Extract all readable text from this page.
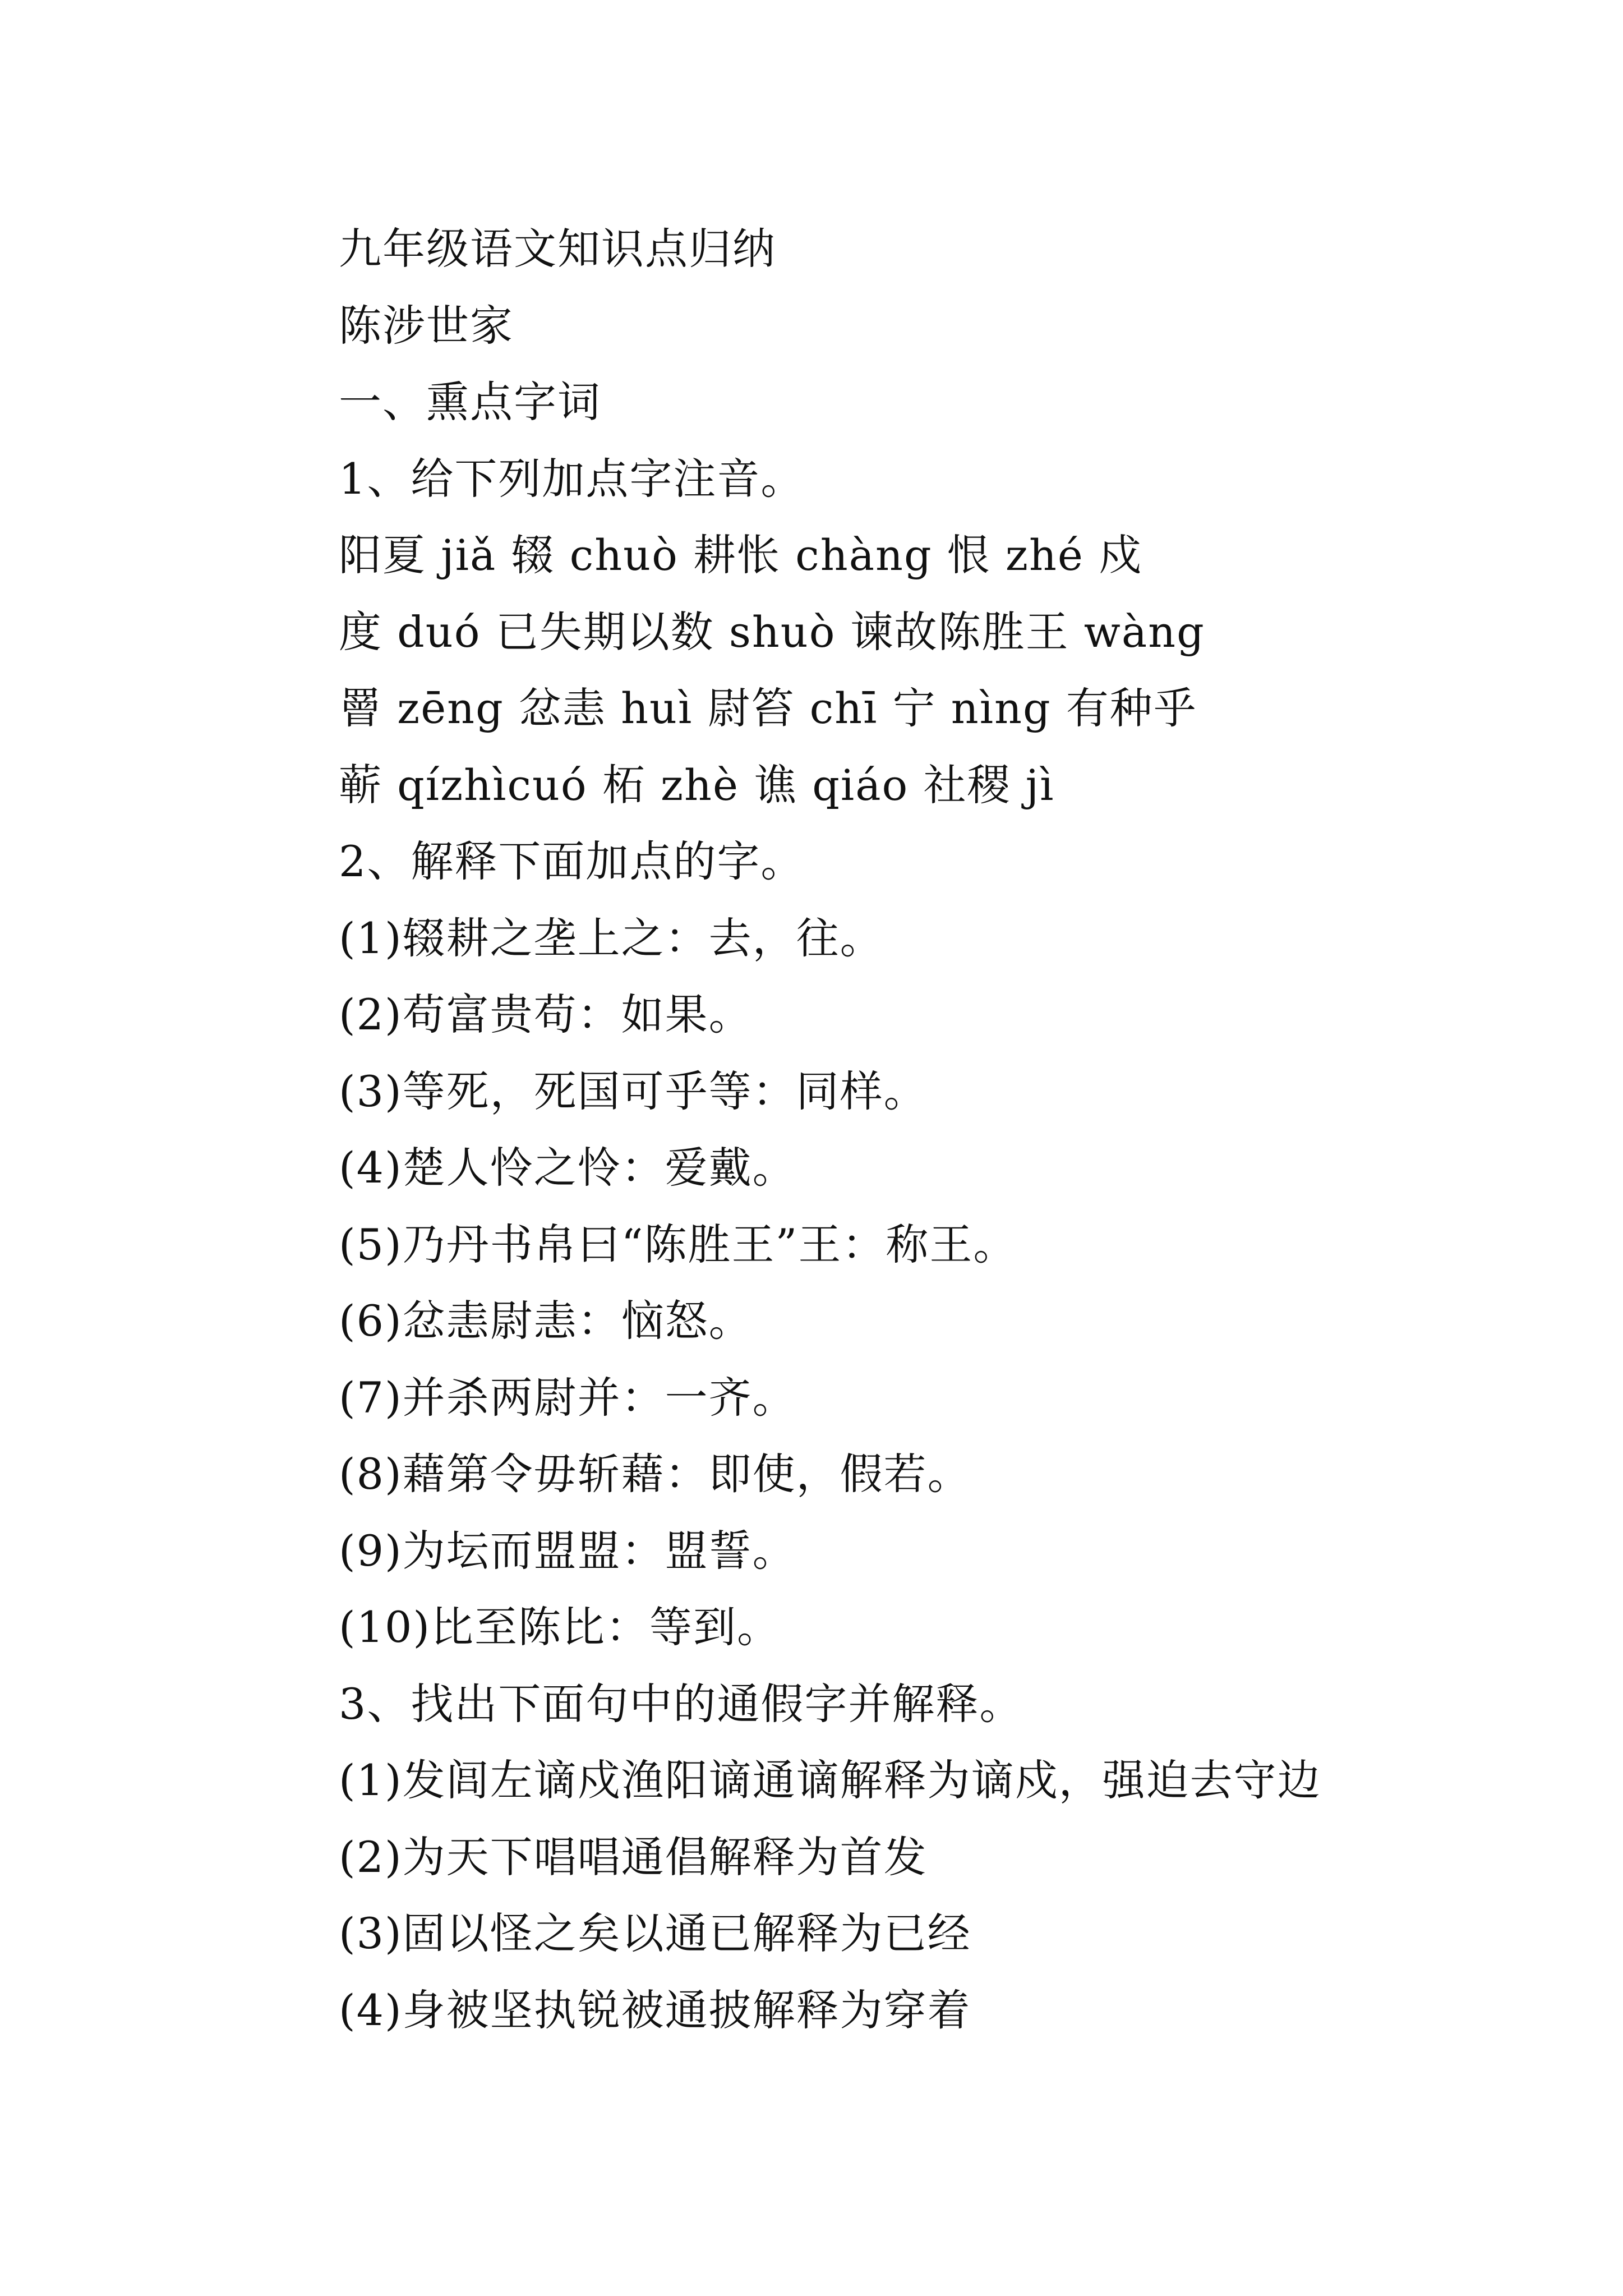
九年级语文知识点归纳
陈涉世家
一、熏点字词
1、给下列加点字注音。
阳夏 jiǎ 辍 chuò 耕怅 chàng 恨 zhé 戍
度 duó 已失期以数 shuò 谏故陈胜王 wàng
罾 zēng 忿恚 huì 尉笞 chī 宁 nìng 有种乎
蕲 qízhìcuó 柘 zhè 谯 qiáo 社稷 jì
2、解释下面加点的字。
(1)辍耕之垄上之：去，往。
(2)苟富贵苟：如果。
(3)等死，死国可乎等：同样。
(4)楚人怜之怜：爱戴。
(5)乃丹书帛曰“陈胜王”王：称王。
(6)忿恚尉恚：恼怒。
(7)并杀两尉并：一齐。
(8)藉第令毋斩藉：即使，假若。
(9)为坛而盟盟：盟誓。
(10)比至陈比：等到。
3、找出下面句中的通假字并解释。
(1)发闾左谪戍渔阳谪通谪解释为谪戍，强迫去守边
(2)为天下唱唱通倡解释为首发
(3)固以怪之矣以通已解释为已经
(4)身被坚执锐被通披解释为穿着
